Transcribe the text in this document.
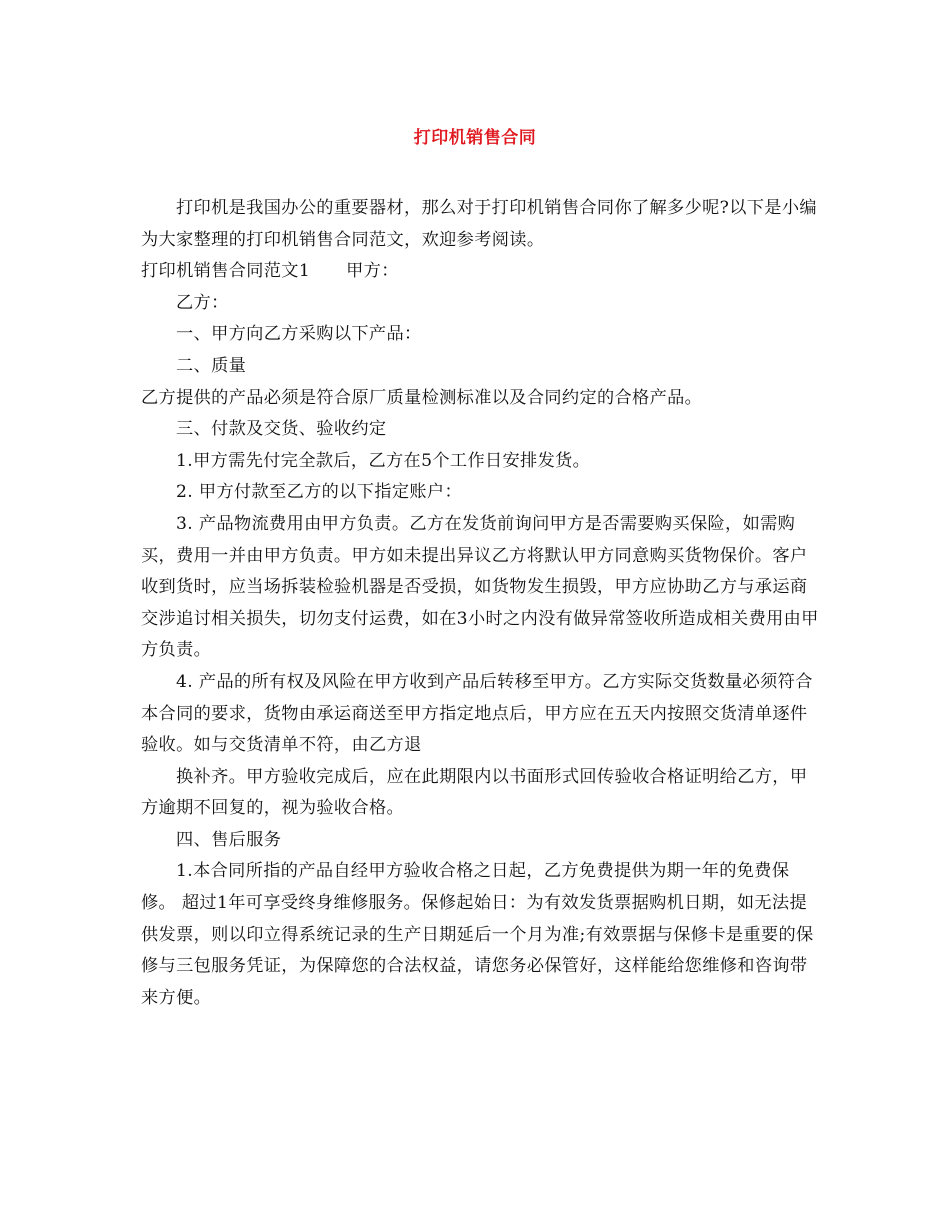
打印机销售合同

打印机是我国办公的重要器材，那么对于打印机销售合同你了解多少呢?以下是小编为大家整理的打印机销售合同范文，欢迎参考阅读。

打印机销售合同范文1 甲方：

乙方：

一、甲方向乙方采购以下产品：

二、质量

乙方提供的产品必须是符合原厂质量检测标准以及合同约定的合格产品。

三、付款及交货、验收约定

1.甲方需先付完全款后，乙方在5个工作日安排发货。

2. 甲方付款至乙方的以下指定账户：

3. 产品物流费用由甲方负责。乙方在发货前询问甲方是否需要购买保险，如需购买，费用一并由甲方负责。甲方如未提出异议乙方将默认甲方同意购买货物保价。客户收到货时，应当场拆装检验机器是否受损，如货物发生损毁，甲方应协助乙方与承运商交涉追讨相关损失，切勿支付运费，如在3小时之内没有做异常签收所造成相关费用由甲方负责。

4. 产品的所有权及风险在甲方收到产品后转移至甲方。乙方实际交货数量必须符合本合同的要求，货物由承运商送至甲方指定地点后，甲方应在五天内按照交货清单逐件验收。如与交货清单不符，由乙方退

换补齐。甲方验收完成后，应在此期限内以书面形式回传验收合格证明给乙方，甲方逾期不回复的，视为验收合格。

四、售后服务

1.本合同所指的产品自经甲方验收合格之日起，乙方免费提供为期一年的免费保修。 超过1年可享受终身维修服务。保修起始日：为有效发货票据购机日期，如无法提供发票，则以印立得系统记录的生产日期延后一个月为准;有效票据与保修卡是重要的保修与三包服务凭证，为保障您的合法权益，请您务必保管好，这样能给您维修和咨询带来方便。
